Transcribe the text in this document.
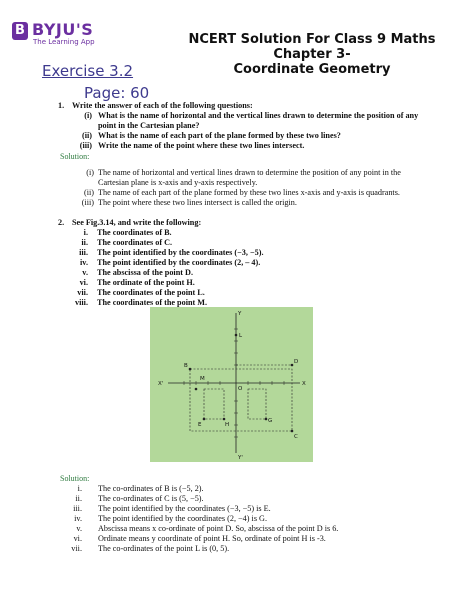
B BYJU'S
The Learning App	NCERT Solution For Class 9 Maths Chapter 3-
Coordinate Geometry
Exercise 3.2
Page: 60
1. Write the answer of each of the following questions:
(i) What is the name of horizontal and the vertical lines drawn to determine the position of any
point in the Cartesian plane?
(ii) What is the name of each part of the plane formed by these two lines?
(iii) Write the name of the point where these two lines intersect.
Solution:
(i) The name of horizontal and vertical lines drawn to determine the position of any point in the
Cartesian plane is x-axis and y-axis respectively.
(ii) The name of each part of the plane formed by these two lines x-axis and y-axis is quadrants.
(iii) The point where these two lines intersect is called the origin.
2. See Fig.3.14, and write the following:
i. The coordinates of B.
ii. The coordinates of C.
iii. The point identified by the coordinates (−3, −5).
iv. The point identified by the coordinates (2, – 4).
v. The abscissa of the point D.
vi. The ordinate of the point H.
vii. The coordinates of the point L.
viii. The coordinates of the point M.
X'	X
Y
Y'
O
B
C
D
E
G
H
L
M
Solution:
i. The co-ordinates of B is (−5, 2).
ii. The co-ordinates of C is (5, −5).
iii. The point identified by the coordinates (−3, −5) is E.
iv. The point identified by the coordinates (2, −4) is G.
v. Abscissa means x co-ordinate of point D. So, abscissa of the point D is 6.
vi. Ordinate means y coordinate of point H. So, ordinate of point H is -3.
vii. The co-ordinates of the point L is (0, 5).
